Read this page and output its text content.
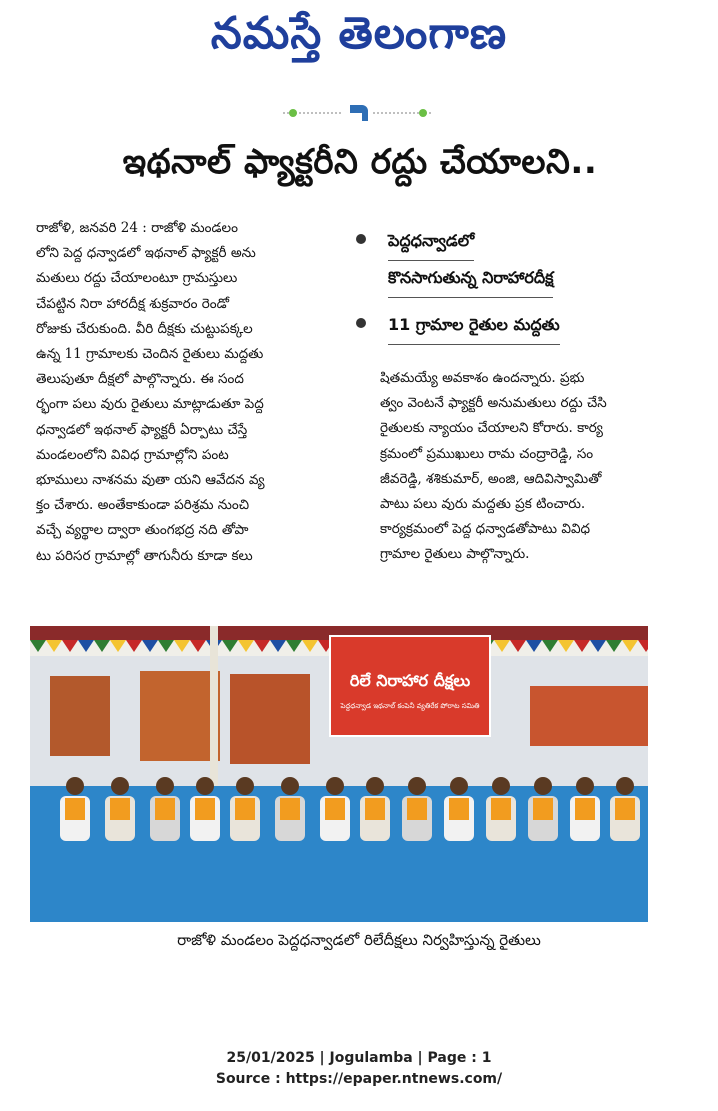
నమస్తే తెలంగాణ
ఇథనాల్ ఫ్యాక్టరీని రద్దు చేయాలని..
రాజోళి, జనవరి 24 : రాజోళి మండలం
లోని పెద్ద ధన్వాడలో ఇథనాల్ ఫ్యాక్టరీ అను
మతులు రద్దు చేయాలంటూ గ్రామస్తులు
చేపట్టిన నిరా హారదీక్ష శుక్రవారం రెండో
రోజుకు చేరుకుంది. వీరి దీక్షకు చుట్టుపక్కల
ఉన్న 11 గ్రామాలకు చెందిన రైతులు మద్దతు
తెలుపుతూ దీక్షలో పాల్గొన్నారు. ఈ సంద
ర్భంగా పలు వురు రైతులు మాట్లాడుతూ పెద్ద
ధన్వాడలో ఇథనాల్ ఫ్యాక్టరీ ఏర్పాటు చేస్తే
మండలంలోని వివిధ గ్రామాల్లోని పంట
భూములు నాశనమ వుతా యని ఆవేదన వ్య
క్తం చేశారు. అంతేకాకుండా పరిశ్రమ నుంచి
వచ్చే వ్యర్థాల ద్వారా తుంగభద్ర నది తోపా
టు పరిసర గ్రామాల్లో తాగునీరు కూడా కలు
పెద్దధన్వాడలో
కొనసాగుతున్న నిరాహారదీక్ష
11 గ్రామాల రైతుల మద్దతు
షితమయ్యే అవకాశం ఉందన్నారు. ప్రభు
త్వం వెంటనే ఫ్యాక్టరీ అనుమతులు రద్దు చేసి
రైతులకు న్యాయం చేయాలని కోరారు. కార్య
క్రమంలో ప్రముఖులు రామ చంద్రారెడ్డి, సం
జీవరెడ్డి, శశికుమార్, అంజి, ఆదివిస్వామితో
పాటు పలు వురు మద్దతు ప్రక టించారు.
కార్యక్రమంలో పెద్ద ధన్వాడతోపాటు వివిధ
గ్రామాల రైతులు పాల్గొన్నారు.
రిలే నిరాహార దీక్షలు
పెద్దధన్వాడ ఇథనాల్ కంపెనీ వ్యతిరేక పోరాట సమితి
రాజోళి మండలం పెద్దధన్వాడలో రిలేదీక్షలు నిర్వహిస్తున్న రైతులు
25/01/2025 | Jogulamba | Page : 1
Source : https://epaper.ntnews.com/
